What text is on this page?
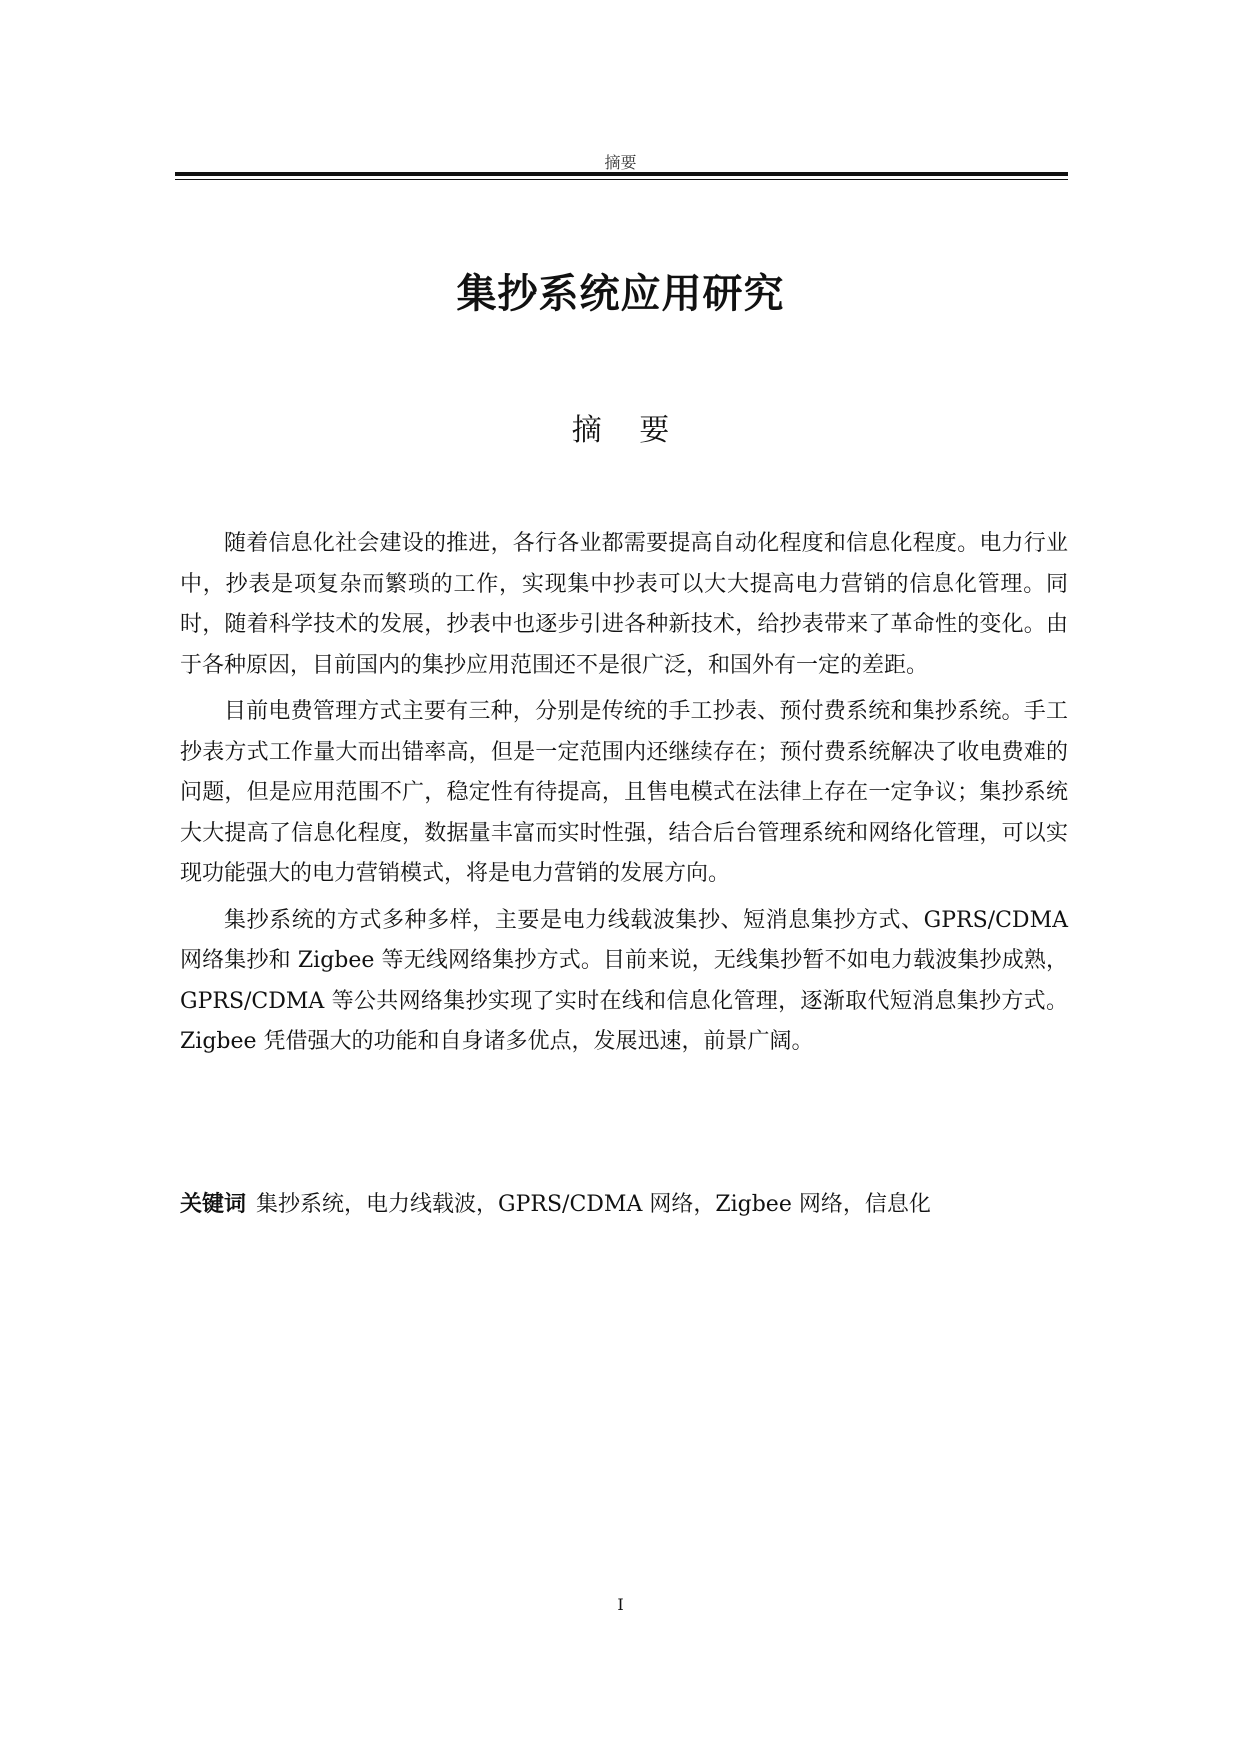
摘要
集抄系统应用研究
摘 要

随着信息化社会建设的推进，各行各业都需要提高自动化程度和信息化程度。电力行业中，抄表是项复杂而繁琐的工作，实现集中抄表可以大大提高电力营销的信息化管理。同时，随着科学技术的发展，抄表中也逐步引进各种新技术，给抄表带来了革命性的变化。由于各种原因，目前国内的集抄应用范围还不是很广泛，和国外有一定的差距。

目前电费管理方式主要有三种，分别是传统的手工抄表、预付费系统和集抄系统。手工抄表方式工作量大而出错率高，但是一定范围内还继续存在；预付费系统解决了收电费难的问题，但是应用范围不广，稳定性有待提高，且售电模式在法律上存在一定争议；集抄系统大大提高了信息化程度，数据量丰富而实时性强，结合后台管理系统和网络化管理，可以实现功能强大的电力营销模式，将是电力营销的发展方向。

集抄系统的方式多种多样，主要是电力线载波集抄、短消息集抄方式、GPRS/CDMA 网络集抄和 Zigbee 等无线网络集抄方式。目前来说，无线集抄暂不如电力载波集抄成熟，GPRS/CDMA 等公共网络集抄实现了实时在线和信息化管理，逐渐取代短消息集抄方式。Zigbee 凭借强大的功能和自身诸多优点，发展迅速，前景广阔。

关键词 集抄系统，电力线载波，GPRS/CDMA 网络，Zigbee 网络，信息化
I
